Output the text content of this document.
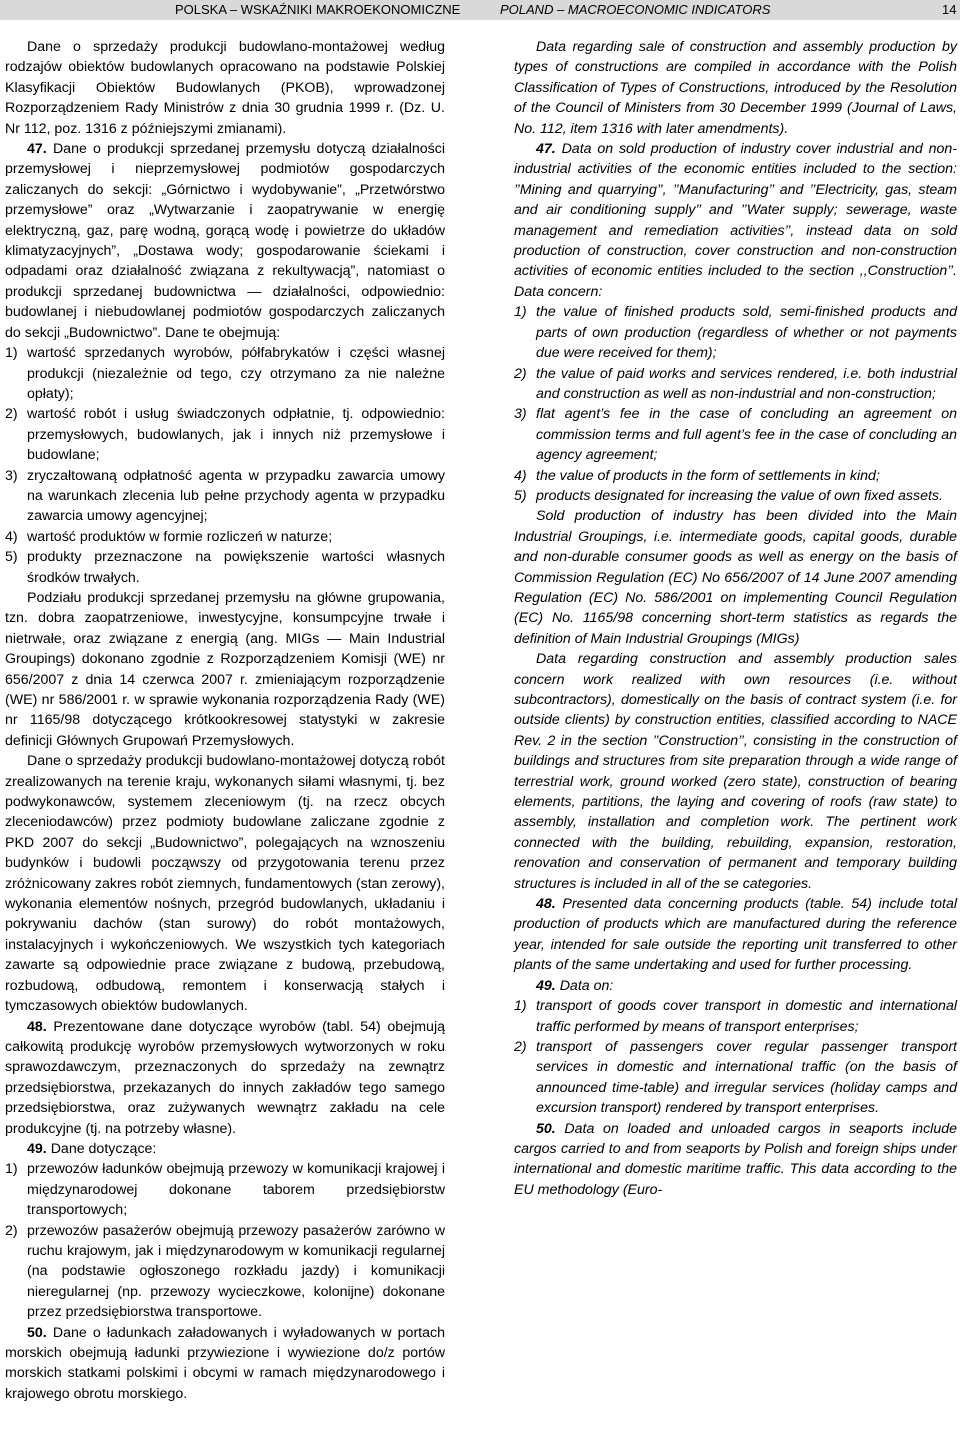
POLSKA – WSKAŹNIKI MAKROEKONOMICZNE	POLAND – MACROECONOMIC INDICATORS	14

Dane o sprzedaży produkcji budowlano-montażowej według rodzajów obiektów budowlanych opracowano na podstawie Polskiej Klasyfikacji Obiektów Budowlanych (PKOB), wprowadzonej Rozporządzeniem Rady Ministrów z dnia 30 grudnia 1999 r. (Dz. U. Nr 112, poz. 1316 z późniejszymi zmianami).

47. Dane o produkcji sprzedanej przemysłu dotyczą działalności przemysłowej i nieprzemysłowej podmiotów gospodarczych zaliczanych do sekcji: „Górnictwo i wydobywanie”, „Przetwórstwo przemysłowe” oraz „Wytwarzanie i zaopatrywanie w energię elektryczną, gaz, parę wodną, gorącą wodę i powietrze do układów klimatyzacyjnych”, „Dostawa wody; gospodarowanie ściekami i odpadami oraz działalność związana z rekultywacją”, natomiast o produkcji sprzedanej budownictwa — działalności, odpowiednio: budowlanej i niebudowlanej podmiotów gospodarczych zaliczanych do sekcji „Budownictwo”. Dane te obejmują:

1) wartość sprzedanych wyrobów, półfabrykatów i części własnej produkcji (niezależnie od tego, czy otrzymano za nie należne opłaty);
2) wartość robót i usług świadczonych odpłatnie, tj. odpowiednio: przemysłowych, budowlanych, jak i innych niż przemysłowe i budowlane;
3) zryczałtowaną odpłatność agenta w przypadku zawarcia umowy na warunkach zlecenia lub pełne przychody agenta w przypadku zawarcia umowy agencyjnej;
4) wartość produktów w formie rozliczeń w naturze;
5) produkty przeznaczone na powiększenie wartości własnych środków trwałych.

Podziału produkcji sprzedanej przemysłu na główne grupowania, tzn. dobra zaopatrzeniowe, inwestycyjne, konsumpcyjne trwałe i nietrwałe, oraz związane z energią (ang. MIGs — Main Industrial Groupings) dokonano zgodnie z Rozporządzeniem Komisji (WE) nr 656/2007 z dnia 14 czerwca 2007 r. zmieniającym rozporządzenie (WE) nr 586/2001 r. w sprawie wykonania rozporządzenia Rady (WE) nr 1165/98 dotyczącego krótkookresowej statystyki w zakresie definicji Głównych Grupowań Przemysłowych.

Dane o sprzedaży produkcji budowlano-montażowej dotyczą robót zrealizowanych na terenie kraju, wykonanych siłami własnymi, tj. bez podwykonawców, systemem zleceniowym (tj. na rzecz obcych zleceniodawców) przez podmioty budowlane zaliczane zgodnie z PKD 2007 do sekcji „Budownictwo”, polegających na wznoszeniu budynków i budowli począwszy od przygotowania terenu przez zróżnicowany zakres robót ziemnych, fundamentowych (stan zerowy), wykonania elementów nośnych, przegród budowlanych, układaniu i pokrywaniu dachów (stan surowy) do robót montażowych, instalacyjnych i wykończeniowych. We wszystkich tych kategoriach zawarte są odpowiednie prace związane z budową, przebudową, rozbudową, odbudową, remontem i konserwacją stałych i tymczasowych obiektów budowlanych.

48. Prezentowane dane dotyczące wyrobów (tabl. 54) obejmują całkowitą produkcję wyrobów przemysłowych wytworzonych w roku sprawozdawczym, przeznaczonych do sprzedaży na zewnątrz przedsiębiorstwa, przekazanych do innych zakładów tego samego przedsiębiorstwa, oraz zużywanych wewnątrz zakładu na cele produkcyjne (tj. na potrzeby własne).

49. Dane dotyczące:

1) przewozów ładunków obejmują przewozy w komunikacji krajowej i międzynarodowej dokonane taborem przedsiębiorstw transportowych;
2) przewozów pasażerów obejmują przewozy pasażerów zarówno w ruchu krajowym, jak i międzynarodowym w komunikacji regularnej (na podstawie ogłoszonego rozkładu jazdy) i komunikacji nieregularnej (np. przewozy wycieczkowe, kolonijne) dokonane przez przedsiębiorstwa transportowe.

50. Dane o ładunkach załadowanych i wyładowanych w portach morskich obejmują ładunki przywiezione i wywiezione do/z portów morskich statkami polskimi i obcymi w ramach międzynarodowego i krajowego obrotu morskiego.

Data regarding sale of construction and assembly production by types of constructions are compiled in accordance with the Polish Classification of Types of Constructions, introduced by the Resolution of the Council of Ministers from 30 December 1999 (Journal of Laws, No. 112, item 1316 with later amendments).

47. Data on sold production of industry cover industrial and non-industrial activities of the economic entities included to the section: ’’Mining and quarrying’’, ’’Manufacturing’’ and ’’Electricity, gas, steam and air conditioning supply’’ and ’’Water supply; sewerage, waste management and remediation activities’’, instead data on sold production of construction, cover construction and non-construction activities of economic entities included to the section ,,Construction’’. Data concern:

1) the value of finished products sold, semi-finished products and parts of own production (regardless of whether or not payments due were received for them);
2) the value of paid works and services rendered, i.e. both industrial and construction as well as non-industrial and non-construction;
3) flat agent’s fee in the case of concluding an agreement on commission terms and full agent’s fee in the case of concluding an agency agreement;
4) the value of products in the form of settlements in kind;
5) products designated for increasing the value of own fixed assets.

Sold production of industry has been divided into the Main Industrial Groupings, i.e. intermediate goods, capital goods, durable and non-durable consumer goods as well as energy on the basis of Commission Regulation (EC) No 656/2007 of 14 June 2007 amending Regulation (EC) No. 586/2001 on implementing Council Regulation (EC) No. 1165/98 concerning short-term statistics as regards the definition of Main Industrial Groupings (MIGs)

Data regarding construction and assembly production sales concern work realized with own resources (i.e. without subcontractors), domestically on the basis of contract system (i.e. for outside clients) by construction entities, classified according to NACE Rev. 2 in the section ’’Construction’’, consisting in the construction of buildings and structures from site preparation through a wide range of terrestrial work, ground worked (zero state), construction of bearing elements, partitions, the laying and covering of roofs (raw state) to assembly, installation and completion work. The pertinent work connected with the building, rebuilding, expansion, restoration, renovation and conservation of permanent and temporary building structures is included in all of the se categories.

48. Presented data concerning products (table. 54) include total production of products which are manufactured during the reference year, intended for sale outside the reporting unit transferred to other plants of the same undertaking and used for further processing.

49. Data on:

1) transport of goods cover transport in domestic and international traffic performed by means of transport enterprises;
2) transport of passengers cover regular passenger transport services in domestic and international traffic (on the basis of announced time-table) and irregular services (holiday camps and excursion transport) rendered by transport enterprises.

50. Data on loaded and unloaded cargos in seaports include cargos carried to and from seaports by Polish and foreign ships under international and domestic maritime traffic. This data according to the EU methodology (Euro-
